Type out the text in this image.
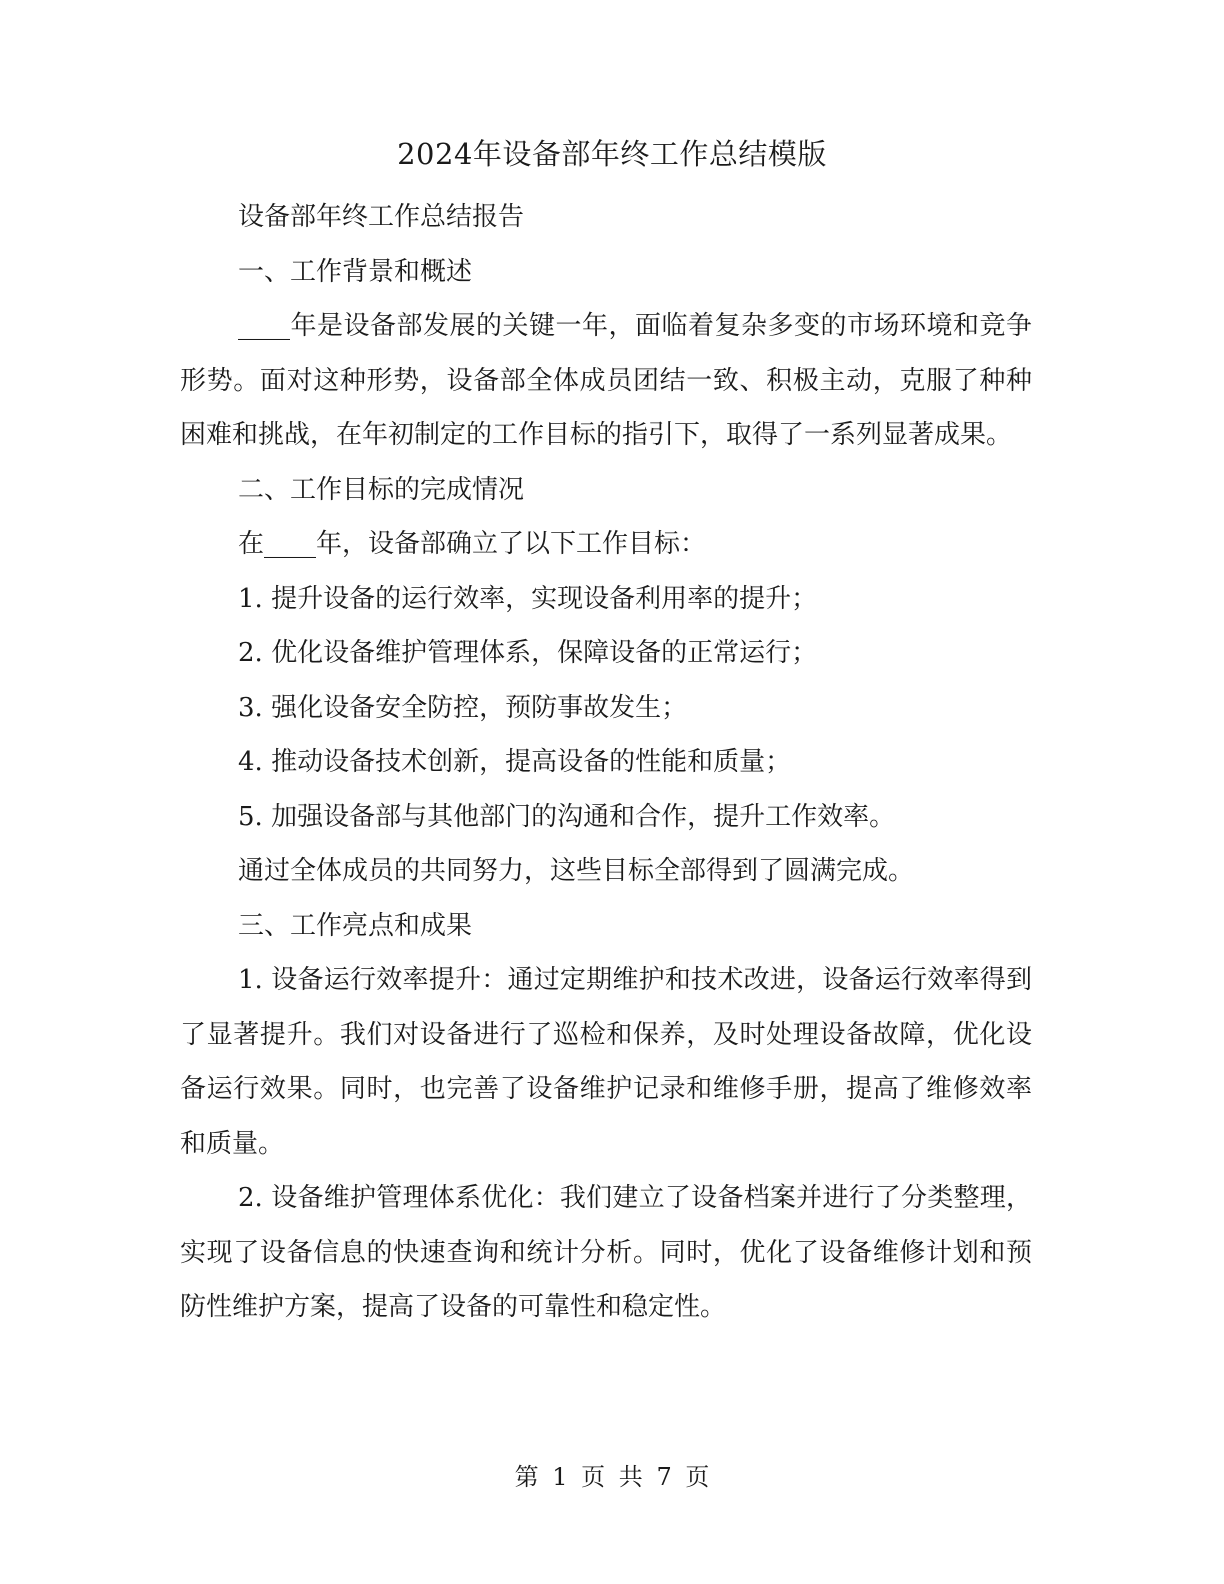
2024年设备部年终工作总结模版

设备部年终工作总结报告

一、工作背景和概述

____年是设备部发展的关键一年，面临着复杂多变的市场环境和竞争形势。面对这种形势，设备部全体成员团结一致、积极主动，克服了种种困难和挑战，在年初制定的工作目标的指引下，取得了一系列显著成果。

二、工作目标的完成情况

在____年，设备部确立了以下工作目标：

1. 提升设备的运行效率，实现设备利用率的提升；

2. 优化设备维护管理体系，保障设备的正常运行；

3. 强化设备安全防控，预防事故发生；

4. 推动设备技术创新，提高设备的性能和质量；

5. 加强设备部与其他部门的沟通和合作，提升工作效率。

通过全体成员的共同努力，这些目标全部得到了圆满完成。

三、工作亮点和成果

1. 设备运行效率提升：通过定期维护和技术改进，设备运行效率得到了显著提升。我们对设备进行了巡检和保养，及时处理设备故障，优化设备运行效果。同时，也完善了设备维护记录和维修手册，提高了维修效率和质量。

2. 设备维护管理体系优化：我们建立了设备档案并进行了分类整理，实现了设备信息的快速查询和统计分析。同时，优化了设备维修计划和预防性维护方案，提高了设备的可靠性和稳定性。

第 1 页 共 7 页
